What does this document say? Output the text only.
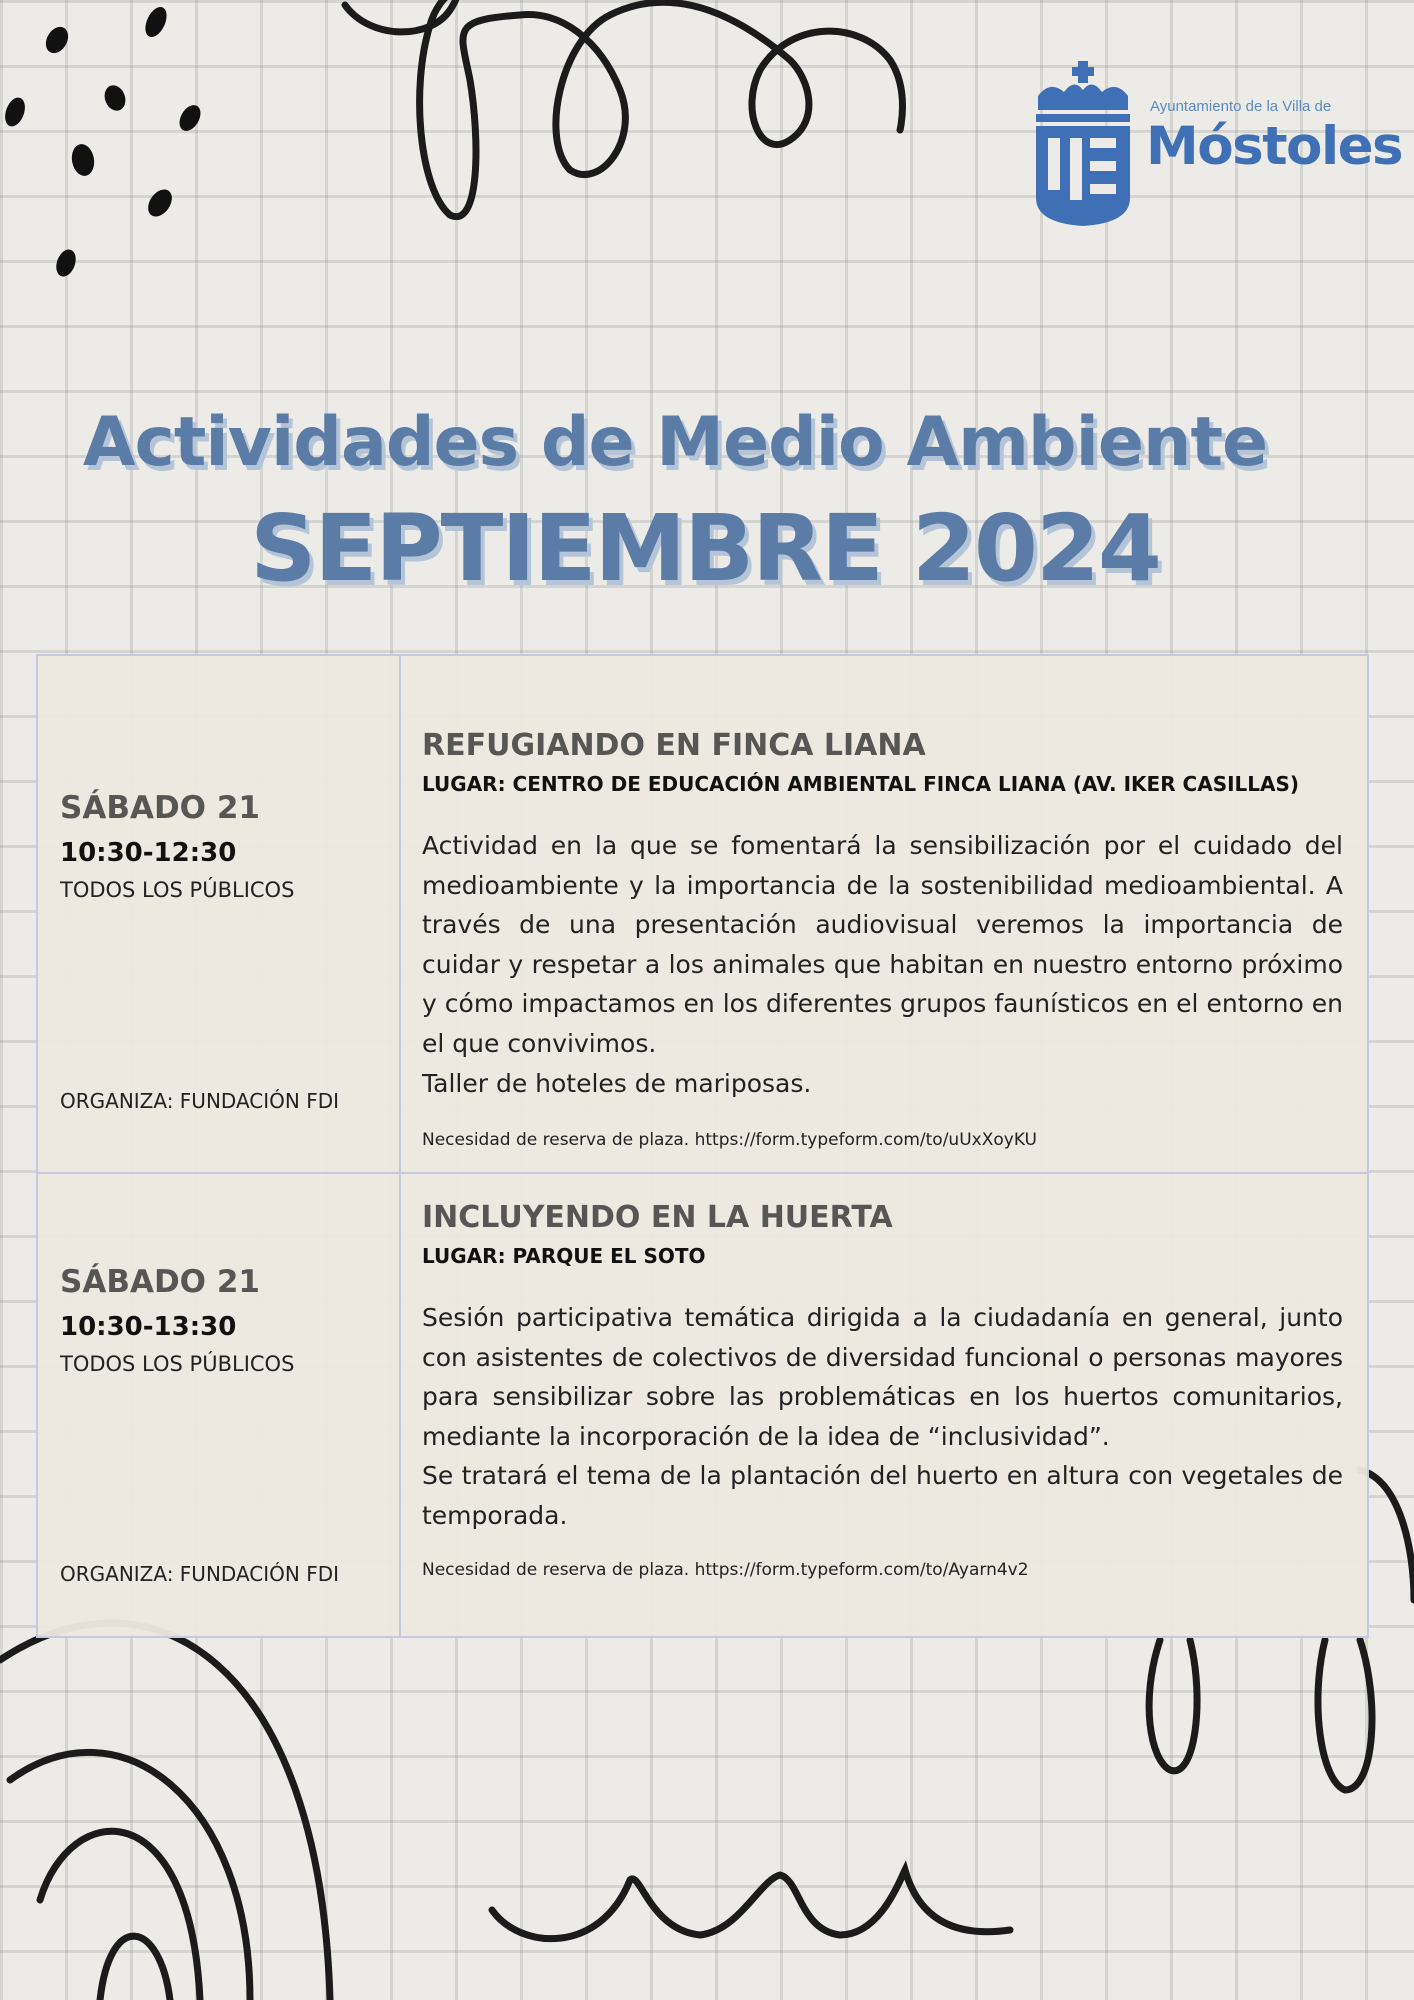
Ayuntamiento de la Villa de
Móstoles
Actividades de Medio Ambiente
SEPTIEMBRE 2024
SÁBADO 21
10:30-12:30
TODOS LOS PÚBLICOS
ORGANIZA: FUNDACIÓN FDI
REFUGIANDO EN FINCA LIANA
LUGAR: CENTRO DE EDUCACIÓN AMBIENTAL FINCA LIANA (AV. IKER CASILLAS)

Actividad en la que se fomentará la sensibilización por el cuidado del medioambiente y la importancia de la sostenibilidad medioambiental. A través de una presentación audiovisual veremos la importancia de cuidar y respetar a los animales que habitan en nuestro entorno próximo y cómo impactamos en los diferentes grupos faunísticos en el entorno en el que convivimos.
Taller de hoteles de mariposas.

Necesidad de reserva de plaza. https://form.typeform.com/to/uUxXoyKU
SÁBADO 21
10:30-13:30
TODOS LOS PÚBLICOS
ORGANIZA: FUNDACIÓN FDI
INCLUYENDO EN LA HUERTA
LUGAR: PARQUE EL SOTO

Sesión participativa temática dirigida a la ciudadanía en general, junto con asistentes de colectivos de diversidad funcional o personas mayores para sensibilizar sobre las problemáticas en los huertos comunitarios, mediante la incorporación de la idea de “inclusividad”.
Se tratará el tema de la plantación del huerto en altura con vegetales de temporada.

Necesidad de reserva de plaza. https://form.typeform.com/to/Ayarn4v2
